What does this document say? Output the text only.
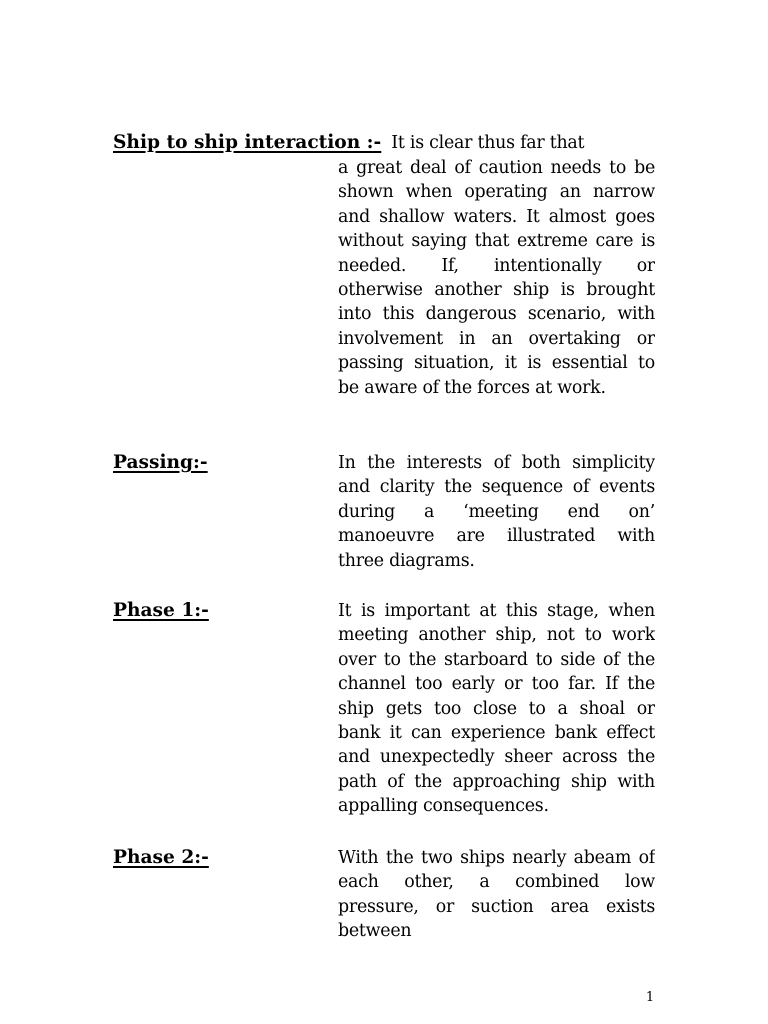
Ship to ship interaction :- It is clear thus far that
a great deal of caution needs to be shown when operating an narrow and shallow waters. It almost goes without saying that extreme care is needed. If, intentionally or otherwise another ship is brought into this dangerous scenario, with involvement in an overtaking or passing situation, it is essential to be aware of the forces at work.
Passing:-	In the interests of both simplicity and clarity the sequence of events during a ‘meeting end on’ manoeuvre are illustrated with three diagrams.
Phase 1:-	It is important at this stage, when meeting another ship, not to work over to the starboard to side of the channel too early or too far. If the ship gets too close to a shoal or bank it can experience bank effect and unexpectedly sheer across the path of the approaching ship with appalling consequences.
Phase 2:-	With the two ships nearly abeam of each other, a combined low pressure, or suction area exists between
1
